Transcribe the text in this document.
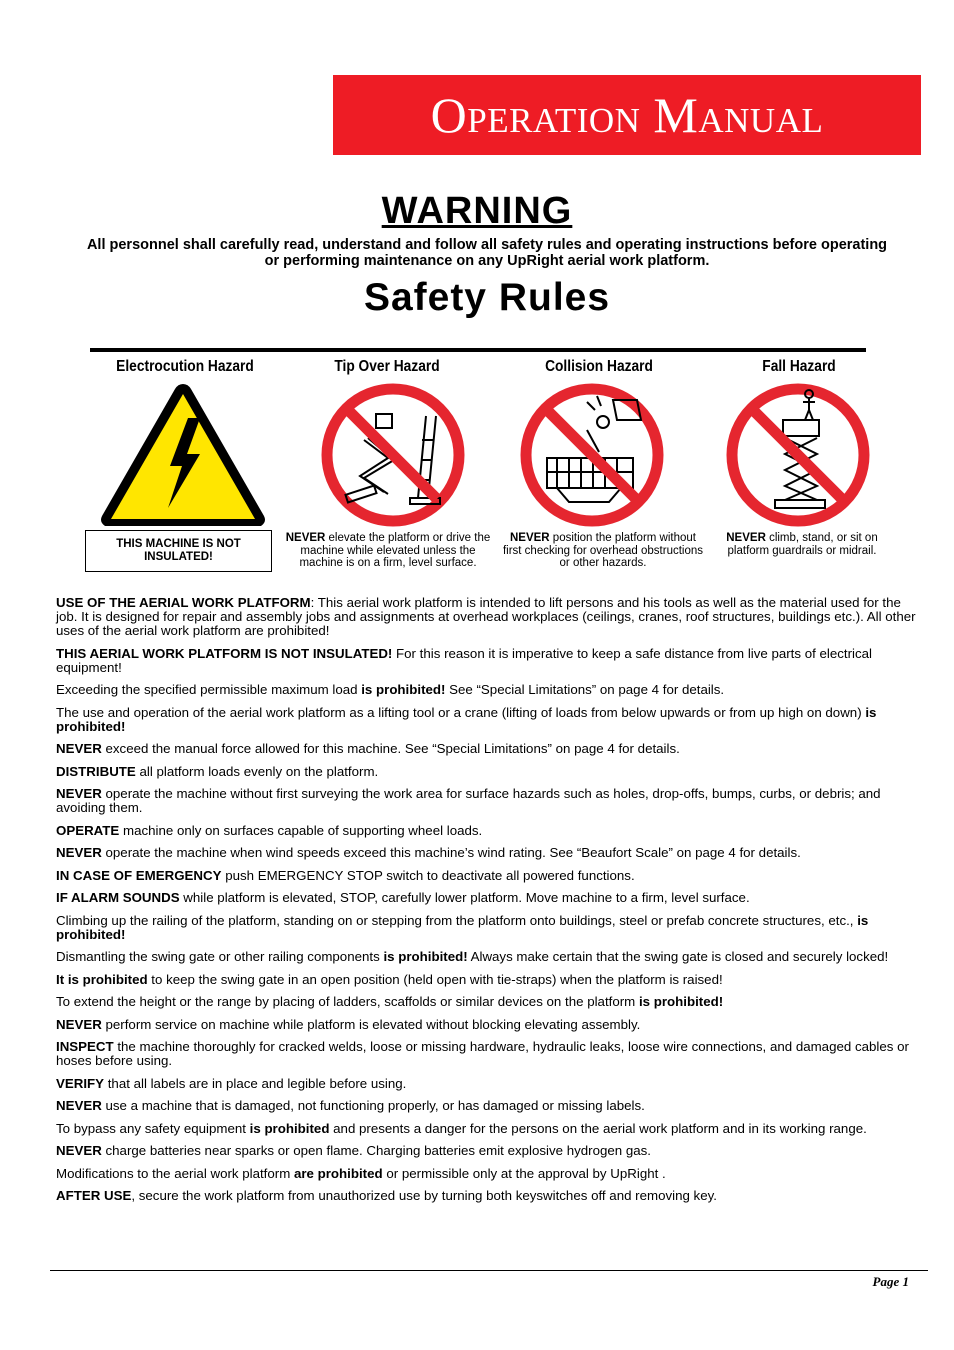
Operation Manual
WARNING
All personnel shall carefully read, understand and follow all safety rules and operating instructions before operating or performing maintenance on any UpRight aerial work platform.
Safety Rules
Electrocution Hazard	Tip Over Hazard	Collision Hazard	Fall Hazard
THIS MACHINE IS NOT INSULATED!
NEVER elevate the platform or drive the machine while elevated unless the machine is on a firm, level surface.
NEVER position the platform without first checking for overhead obstructions or other hazards.
NEVER climb, stand, or sit on platform guardrails or midrail.

USE OF THE AERIAL WORK PLATFORM: This aerial work platform is intended to lift persons and his tools as well as the material used for the job. It is designed for repair and assembly jobs and assignments at overhead workplaces (ceilings, cranes, roof structures, buildings etc.). All other uses of the aerial work platform are prohibited!

THIS AERIAL WORK PLATFORM IS NOT INSULATED! For this reason it is imperative to keep a safe distance from live parts of electrical equipment!

Exceeding the specified permissible maximum load is prohibited! See “Special Limitations” on page 4 for details.

The use and operation of the aerial work platform as a lifting tool or a crane (lifting of loads from below upwards or from up high on down) is prohibited!

NEVER exceed the manual force allowed for this machine. See “Special Limitations” on page 4 for details.

DISTRIBUTE all platform loads evenly on the platform.

NEVER operate the machine without first surveying the work area for surface hazards such as holes, drop-offs, bumps, curbs, or debris; and avoiding them.

OPERATE machine only on surfaces capable of supporting wheel loads.

NEVER operate the machine when wind speeds exceed this machine’s wind rating. See “Beaufort Scale” on page 4 for details.

IN CASE OF EMERGENCY push EMERGENCY STOP switch to deactivate all powered functions.

IF ALARM SOUNDS while platform is elevated, STOP, carefully lower platform. Move machine to a firm, level surface.

Climbing up the railing of the platform, standing on or stepping from the platform onto buildings, steel or prefab concrete structures, etc., is prohibited!

Dismantling the swing gate or other railing components is prohibited! Always make certain that the swing gate is closed and securely locked!

It is prohibited to keep the swing gate in an open position (held open with tie-straps) when the platform is raised!

To extend the height or the range by placing of ladders, scaffolds or similar devices on the platform is prohibited!

NEVER perform service on machine while platform is elevated without blocking elevating assembly.

INSPECT the machine thoroughly for cracked welds, loose or missing hardware, hydraulic leaks, loose wire connections, and damaged cables or hoses before using.

VERIFY that all labels are in place and legible before using.

NEVER use a machine that is damaged, not functioning properly, or has damaged or missing labels.

To bypass any safety equipment is prohibited and presents a danger for the persons on the aerial work platform and in its working range.

NEVER charge batteries near sparks or open flame. Charging batteries emit explosive hydrogen gas.

Modifications to the aerial work platform are prohibited or permissible only at the approval by UpRight .

AFTER USE, secure the work platform from unauthorized use by turning both keyswitches off and removing key.

Page 1
